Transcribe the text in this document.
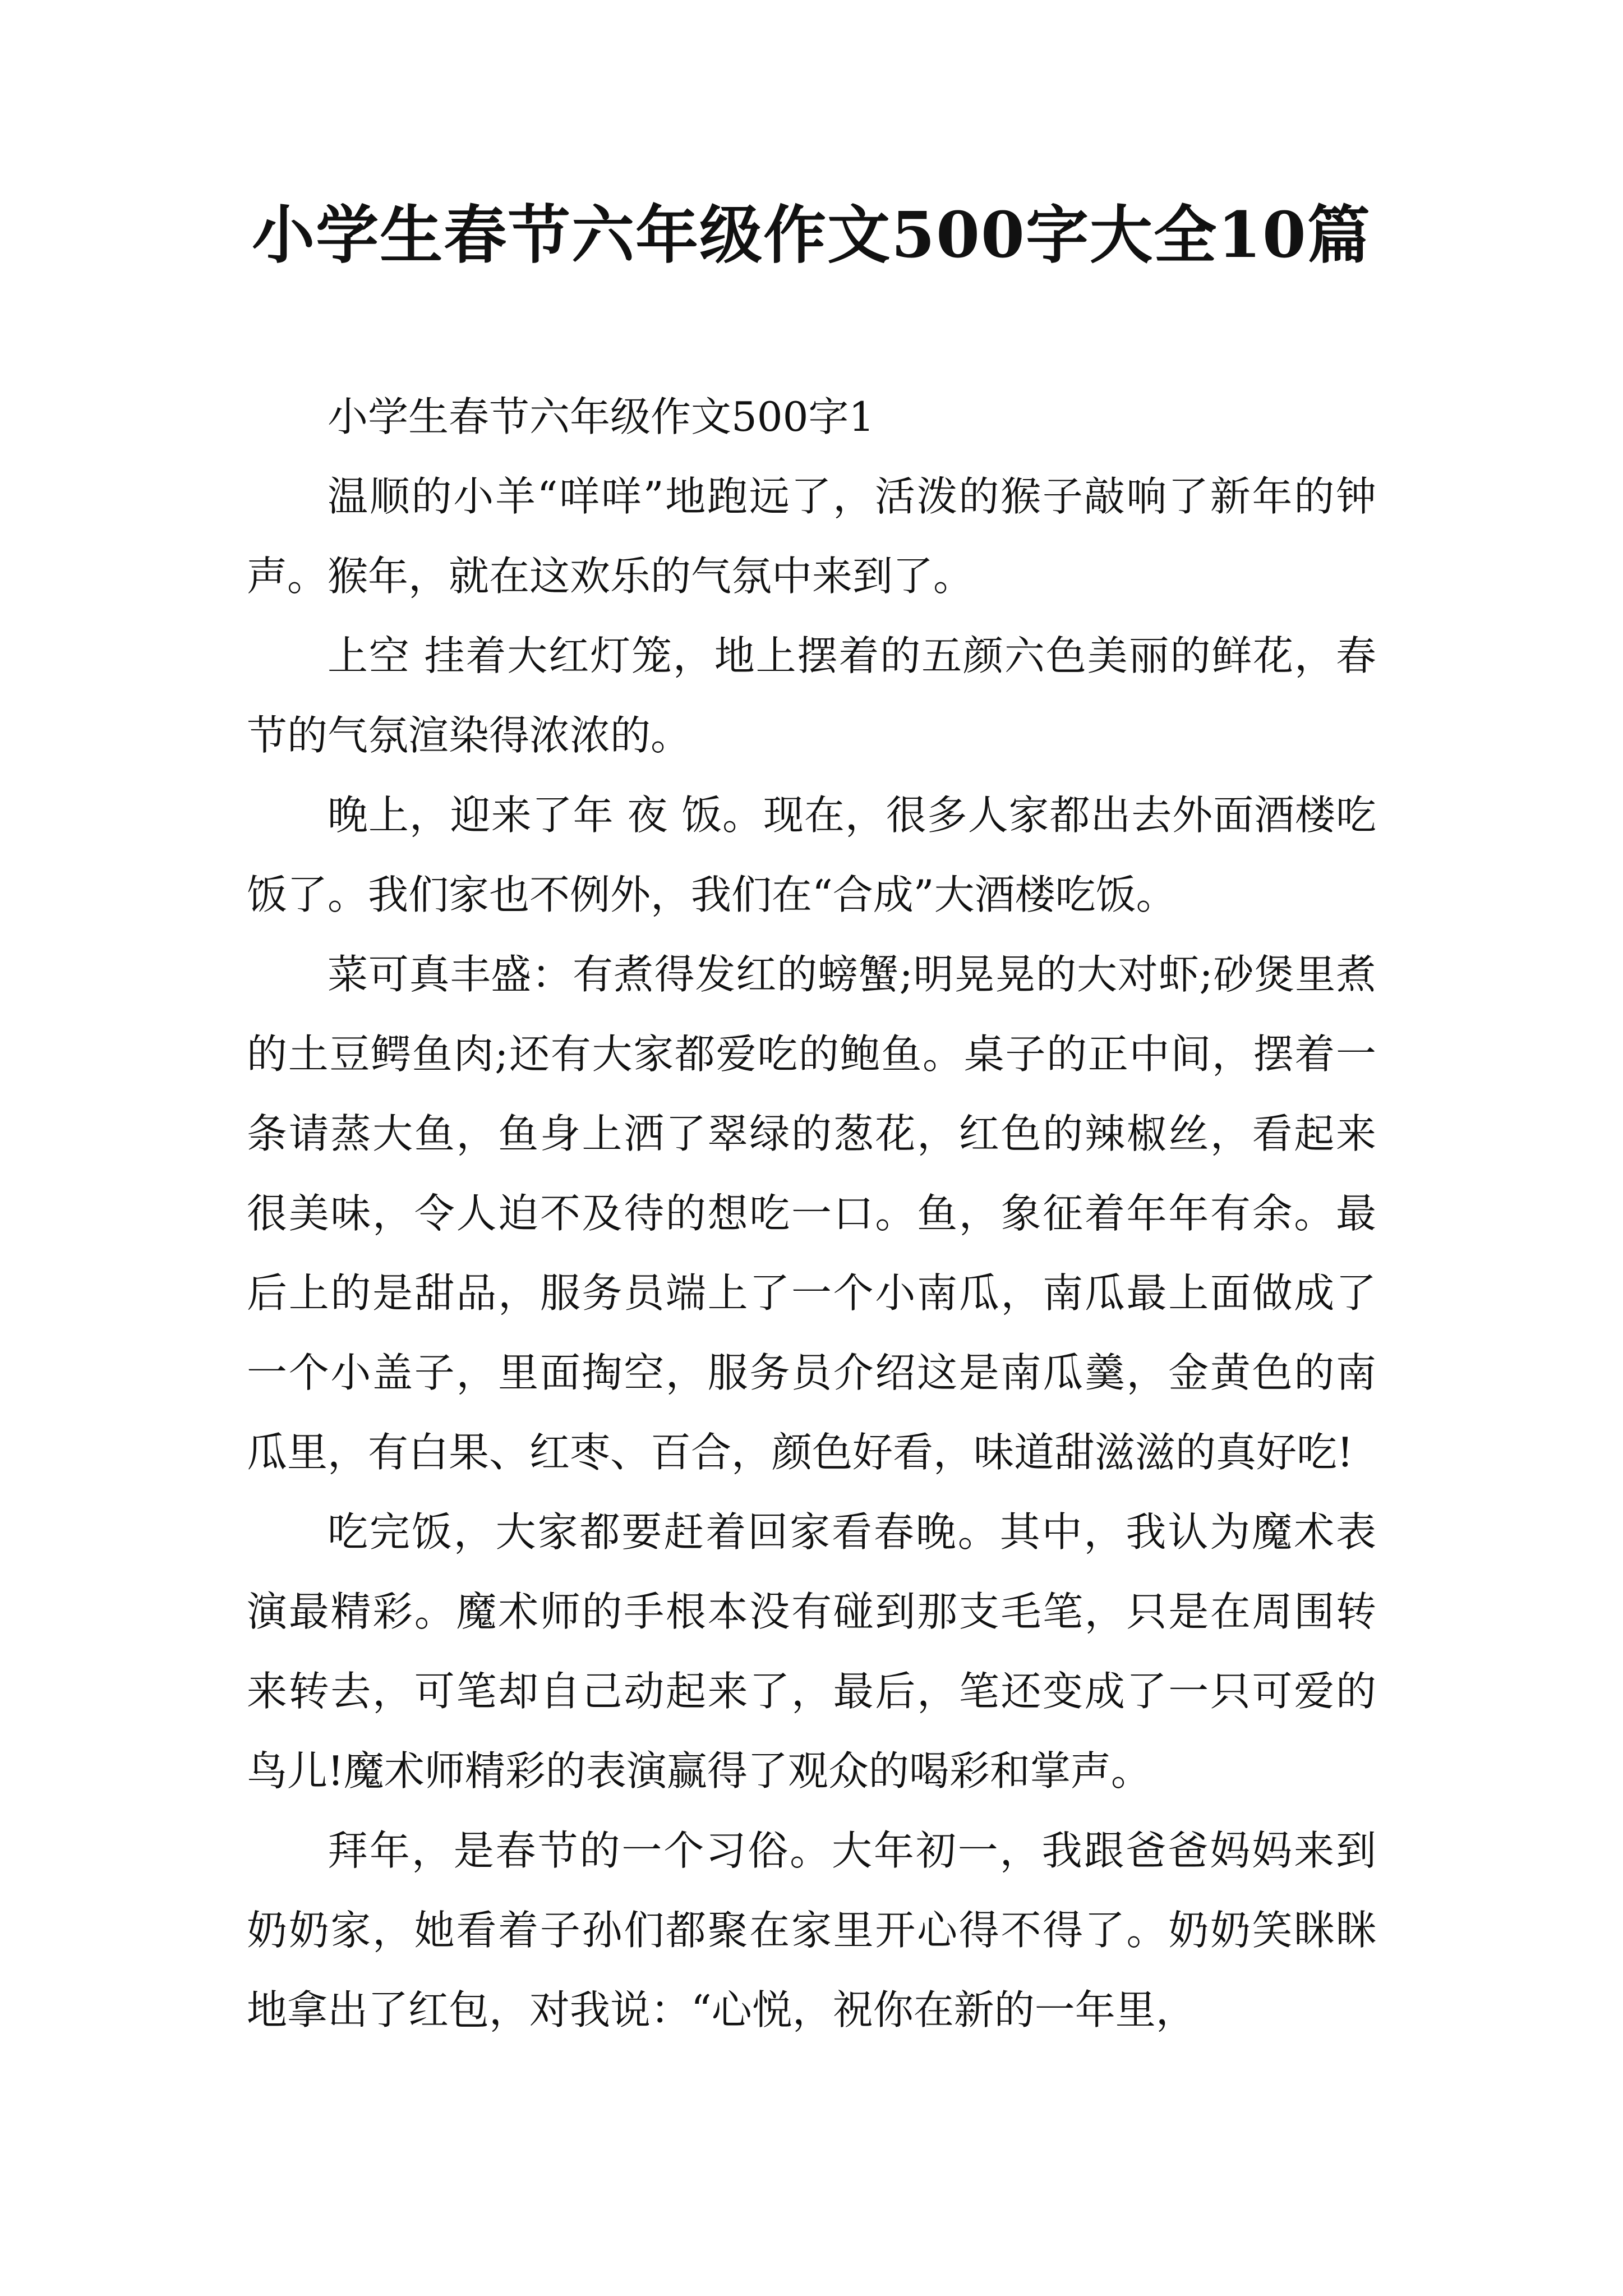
小学生春节六年级作文500字大全10篇

小学生春节六年级作文500字1

温顺的小羊“咩咩”地跑远了，活泼的猴子敲响了新年的钟声。猴年，就在这欢乐的气氛中来到了。

上空 挂着大红灯笼，地上摆着的五颜六色美丽的鲜花，春节的气氛渲染得浓浓的。

晚上，迎来了年 夜 饭。现在，很多人家都出去外面酒楼吃饭了。我们家也不例外，我们在“合成”大酒楼吃饭。

菜可真丰盛：有煮得发红的螃蟹;明晃晃的大对虾;砂煲里煮的土豆鳄鱼肉;还有大家都爱吃的鲍鱼。桌子的正中间，摆着一条请蒸大鱼，鱼身上洒了翠绿的葱花，红色的辣椒丝，看起来很美味，令人迫不及待的想吃一口。鱼，象征着年年有余。最后上的是甜品，服务员端上了一个小南瓜，南瓜最上面做成了一个小盖子，里面掏空，服务员介绍这是南瓜羹，金黄色的南瓜里，有白果、红枣、百合，颜色好看，味道甜滋滋的真好吃!

吃完饭，大家都要赶着回家看春晚。其中，我认为魔术表演最精彩。魔术师的手根本没有碰到那支毛笔，只是在周围转来转去，可笔却自己动起来了，最后，笔还变成了一只可爱的鸟儿!魔术师精彩的表演赢得了观众的喝彩和掌声。

拜年，是春节的一个习俗。大年初一，我跟爸爸妈妈来到奶奶家，她看着子孙们都聚在家里开心得不得了。奶奶笑眯眯地拿出了红包，对我说：“心悦，祝你在新的一年里，
